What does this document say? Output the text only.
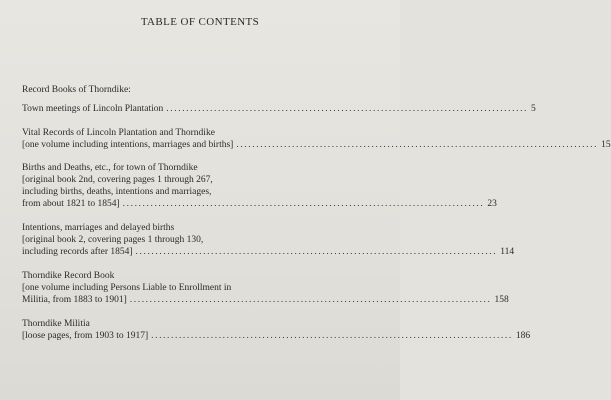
TABLE OF CONTENTS
Record Books of Thorndike:
Town meetings of Lincoln Plantation ........................................................................................... 5
Vital Records of Lincoln Plantation and Thorndike
[one volume including intentions, marriages and births] ........................................................................................... 15
Births and Deaths, etc., for town of Thorndike
[original book 2nd, covering pages 1 through 267,
including births, deaths, intentions and marriages,
from about 1821 to 1854] ........................................................................................... 23
Intentions, marriages and delayed births
[original book 2, covering pages 1 through 130,
including records after 1854] ........................................................................................... 114
Thorndike Record Book
[one volume including Persons Liable to Enrollment in
Militia, from 1883 to 1901] ........................................................................................... 158
Thorndike Militia
[loose pages, from 1903 to 1917] ........................................................................................... 186
